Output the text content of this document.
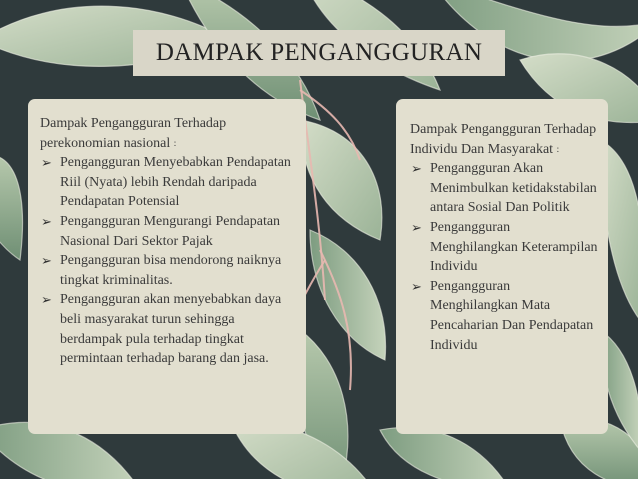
DAMPAK PENGANGGURAN

Dampak Pengangguran Terhadap perekonomian nasional :

➢ Pengangguran Menyebabkan Pendapatan Riil (Nyata) lebih Rendah daripada Pendapatan Potensial
➢ Pengangguran Mengurangi Pendapatan Nasional Dari Sektor Pajak
➢ Pengangguran bisa mendorong naiknya tingkat kriminalitas.
➢ Pengangguran akan menyebabkan daya beli masyarakat turun sehingga berdampak pula terhadap tingkat permintaan terhadap barang dan jasa.

Dampak Pengangguran Terhadap Individu Dan Masyarakat :

➢ Pengangguran Akan Menimbulkan ketidakstabilan antara Sosial Dan Politik
➢ Pengangguran Menghilangkan Keterampilan Individu
➢ Pengangguran Menghilangkan Mata Pencaharian Dan Pendapatan Individu
